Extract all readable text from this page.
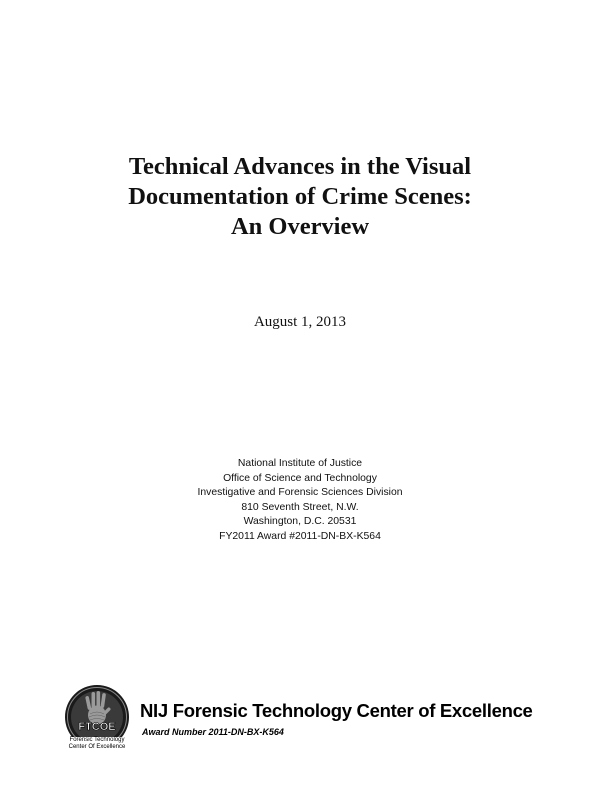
Technical Advances in the Visual
Documentation of Crime Scenes:
An Overview
August 1, 2013
National Institute of Justice
Office of Science and Technology
Investigative and Forensic Sciences Division
810 Seventh Street, N.W.
Washington, D.C. 20531
FY2011 Award #2011-DN-BX-K564
FTCOE
Forensic Technology
Center Of Excellence
NIJ Forensic Technology Center of Excellence
Award Number 2011-DN-BX-K564
